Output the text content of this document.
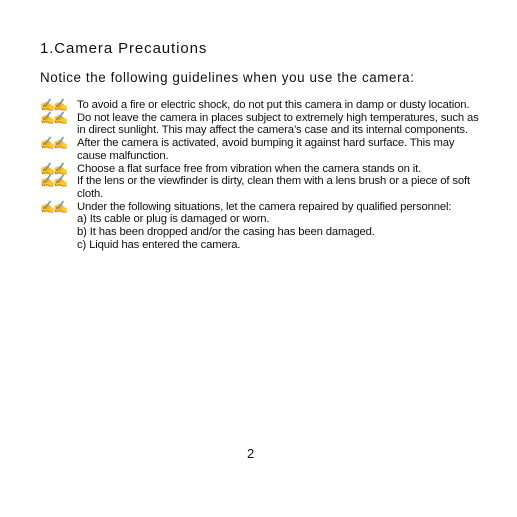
1.Camera Precautions

Notice the following guidelines when you use the camera:

✍✍ To avoid a fire or electric shock, do not put this camera in damp or dusty location.
✍✍ Do not leave the camera in places subject to extremely high temperatures, such as in direct sunlight. This may affect the camera’s case and its internal components.
✍✍ After the camera is activated, avoid bumping it against hard surface. This may cause malfunction.
✍✍ Choose a flat surface free from vibration when the camera stands on it.
✍✍ If the lens or the viewfinder is dirty, clean them with a lens brush or a piece of soft cloth.
✍✍ Under the following situations, let the camera repaired by qualified personnel:
a) Its cable or plug is damaged or worn.
b) It has been dropped and/or the casing has been damaged.
c) Liquid has entered the camera.

2
